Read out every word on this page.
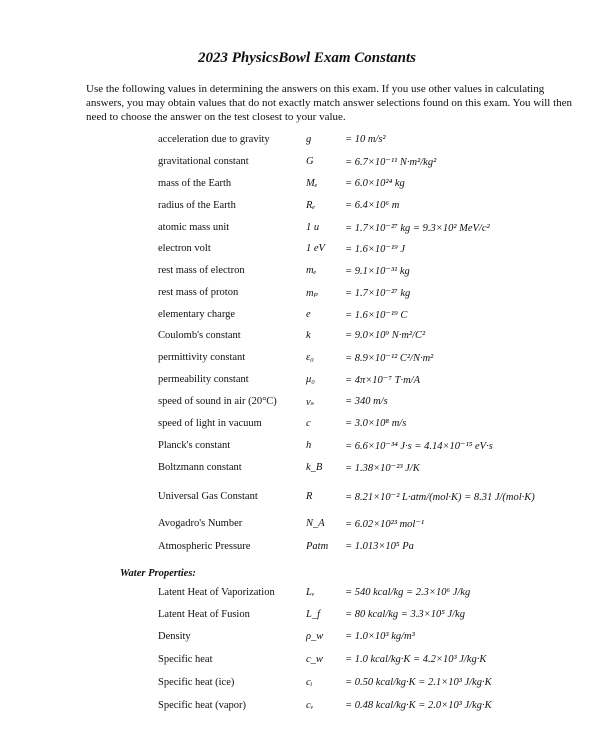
2023 PhysicsBowl Exam Constants
Use the following values in determining the answers on this exam. If you use other values in calculating answers, you may obtain values that do not exactly match answer selections found on this exam. You will then need to choose the answer on the test closest to your value.
acceleration due to gravity	g	= 10 m/s²
gravitational constant	G	= 6.7×10⁻¹¹ N·m²/kg²
mass of the Earth	Mₑ	= 6.0×10²⁴ kg
radius of the Earth	Rₑ	= 6.4×10⁶ m
atomic mass unit	1 u	= 1.7×10⁻²⁷ kg = 9.3×10² MeV/c²
electron volt	1 eV	= 1.6×10⁻¹⁹ J
rest mass of electron	mₑ	= 9.1×10⁻³¹ kg
rest mass of proton	mₚ	= 1.7×10⁻²⁷ kg
elementary charge	e	= 1.6×10⁻¹⁹ C
Coulomb's constant	k	= 9.0×10⁹ N·m²/C²
permittivity constant	ε₀	= 8.9×10⁻¹² C²/N·m²
permeability constant	μ₀	= 4π×10⁻⁷ T·m/A
speed of sound in air (20°C)	vₛ	= 340 m/s
speed of light in vacuum	c	= 3.0×10⁸ m/s
Planck's constant	h	= 6.6×10⁻³⁴ J·s = 4.14×10⁻¹⁵ eV·s
Boltzmann constant	k_B	= 1.38×10⁻²³ J/K
Universal Gas Constant	R	= 8.21×10⁻² L·atm/(mol·K) = 8.31 J/(mol·K)
Avogadro's Number	N_A	= 6.02×10²³ mol⁻¹
Atmospheric Pressure	Patm	= 1.013×10⁵ Pa
Water Properties:
Latent Heat of Vaporization	Lᵥ	= 540 kcal/kg = 2.3×10⁶ J/kg
Latent Heat of Fusion	L_f	= 80 kcal/kg = 3.3×10⁵ J/kg
Density	ρ_w	= 1.0×10³ kg/m³
Specific heat	c_w	= 1.0 kcal/kg·K = 4.2×10³ J/kg·K
Specific heat (ice)	cᵢ	= 0.50 kcal/kg·K = 2.1×10³ J/kg·K
Specific heat (vapor)	cᵥ	= 0.48 kcal/kg·K = 2.0×10³ J/kg·K
